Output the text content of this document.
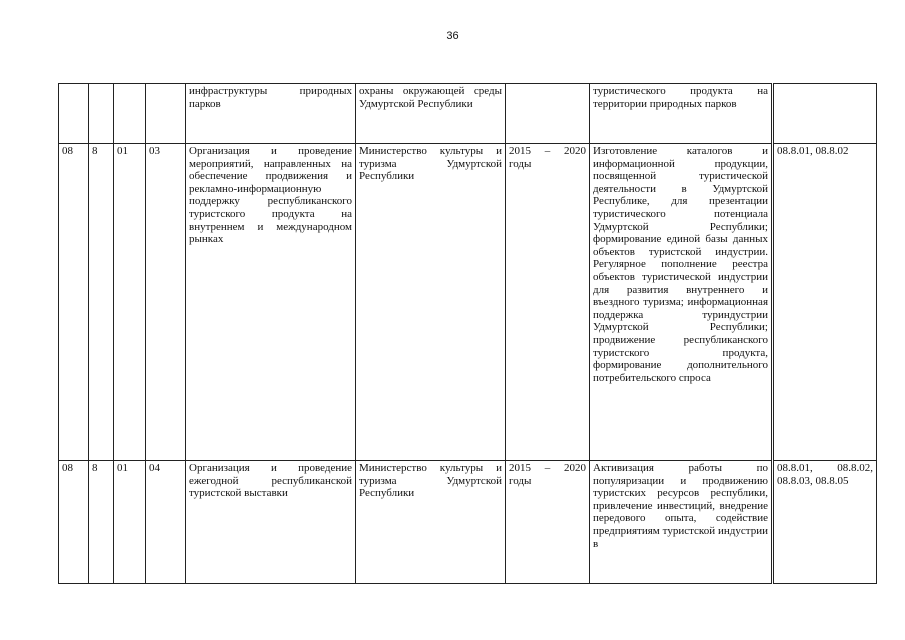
36
				инфраструктуры природных парков	охраны окружающей среды Удмуртской Республики		туристического продукта на территории природных парков	
08	8	01	03	Организация и проведение мероприятий, направленных на обеспечение продвижения и рекламно-информационную поддержку республиканского туристского продукта на внутреннем и международном рынках	Министерство культуры и туризма Удмуртской Республики	2015 – 2020 годы	Изготовление каталогов и информационной продукции, посвященной туристической деятельности в Удмуртской Республике, для презентации туристического потенциала Удмуртской Республики; формирование единой базы данных объектов туристской индустрии. Регулярное пополнение реестра объектов туристической индустрии для развития внутреннего и въездного туризма; информационная поддержка туриндустрии Удмуртской Республики; продвижение республиканского туристского продукта, формирование дополнительного потребительского спроса	08.8.01, 08.8.02
08	8	01	04	Организация и проведение ежегодной республиканской туристской выставки	Министерство культуры и туризма Удмуртской Республики	2015 – 2020 годы	Активизация работы по популяризации и продвижению туристских ресурсов республики, привлечение инвестиций, внедрение передового опыта, содействие предприятиям туристской индустрии в	08.8.01, 08.8.02, 08.8.03, 08.8.05
